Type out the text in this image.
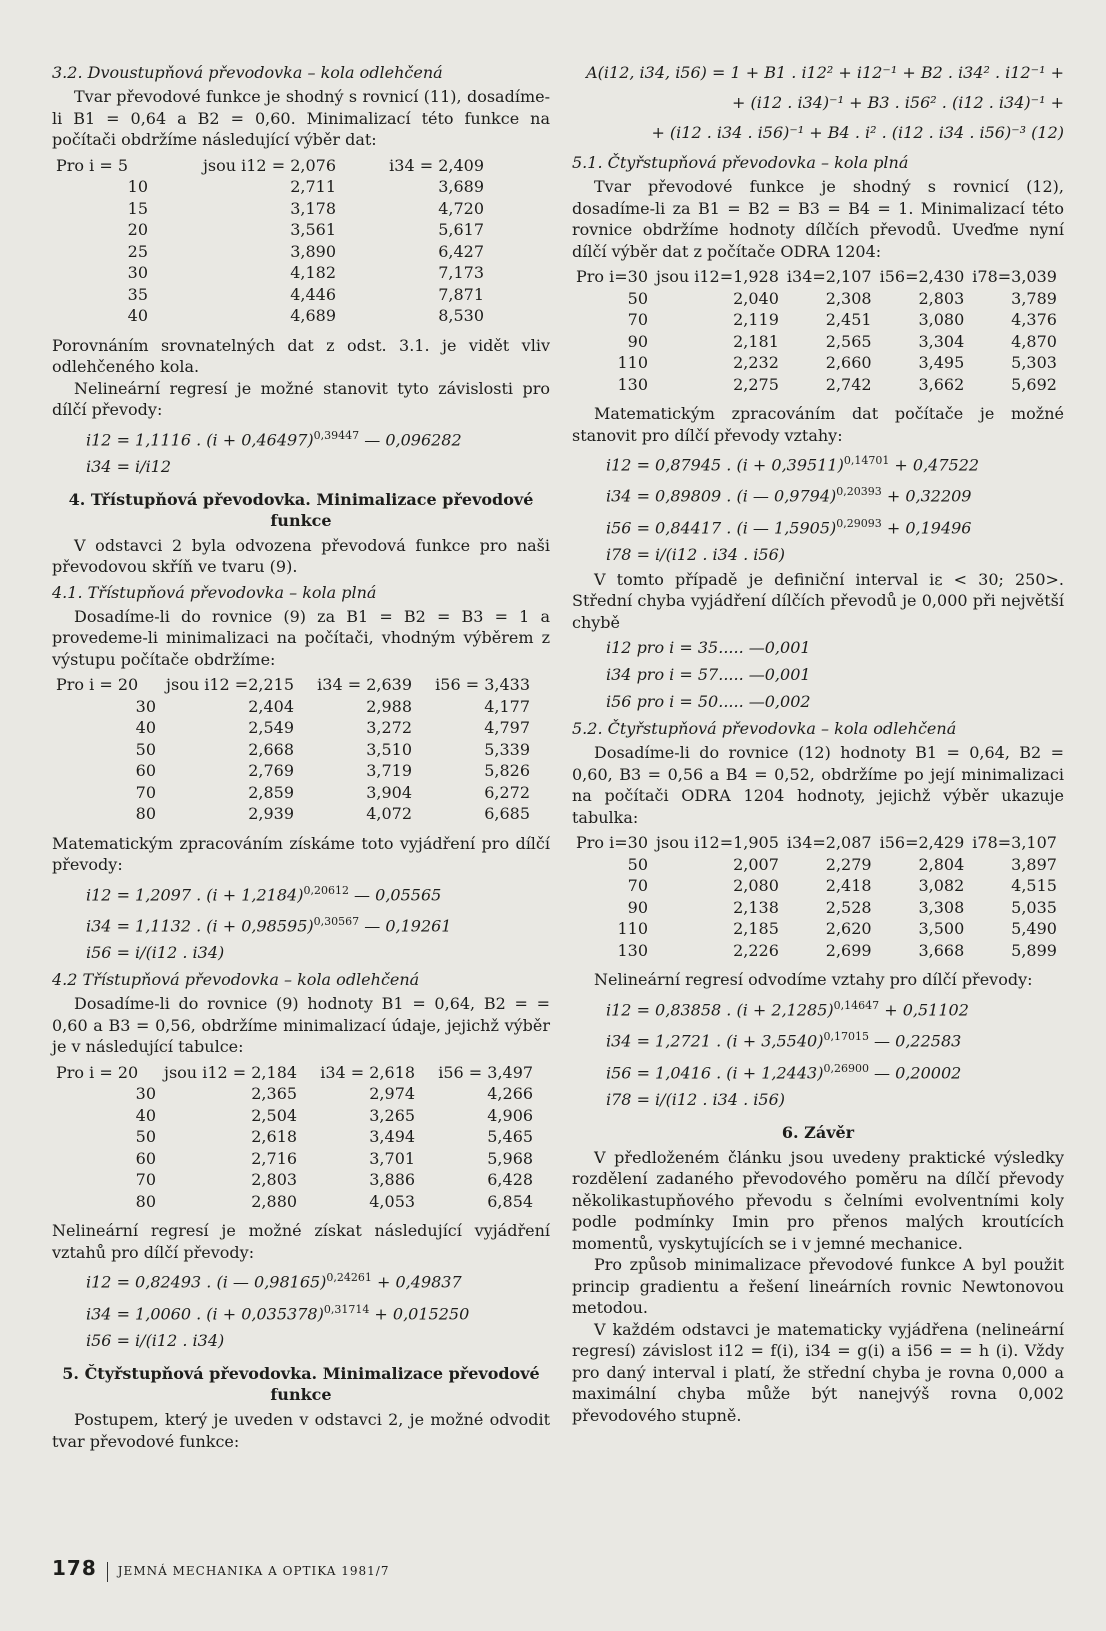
3.2. Dvoustupňová převodovka – kola odlehčená

Tvar převodové funkce je shodný s rovnicí (11), dosadíme-li B1 = 0,64 a B2 = 0,60. Minimalizací této funkce na počítači obdržíme následující výběr dat:

Pro i = 5	jsou i12 = 2,076	i34 = 2,409
10	2,711	3,689
15	3,178	4,720
20	3,561	5,617
25	3,890	6,427
30	4,182	7,173
35	4,446	7,871
40	4,689	8,530

Porovnáním srovnatelných dat z odst. 3.1. je vidět vliv odlehčeného kola.

Nelineární regresí je možné stanovit tyto závislosti pro dílčí převody:

i12 = 1,1116 . $(i + 0,46497)^{0,39447}$ — 0,096282
i34 = i/i12
4. Třístupňová převodovka. Minimalizace převodové funkce

V odstavci 2 byla odvozena převodová funkce pro naši převodovou skříň ve tvaru (9).

4.1. Třístupňová převodovka – kola plná

Dosadíme-li do rovnice (9) za B1 = B2 = B3 = 1 a provedeme-li minimalizaci na počítači, vhodným výběrem z výstupu počítače obdržíme:

Pro i = 20	jsou i12 =2,215	i34 = 2,639	i56 = 3,433
30	2,404	2,988	4,177
40	2,549	3,272	4,797
50	2,668	3,510	5,339
60	2,769	3,719	5,826
70	2,859	3,904	6,272
80	2,939	4,072	6,685

Matematickým zpracováním získáme toto vyjádření pro dílčí převody:

i12 = 1,2097 . $(i + 1,2184)^{0,20612}$ — 0,05565
i34 = 1,1132 . $(i + 0,98595)^{0,30567}$ — 0,19261
i56 = i/(i12 . i34)
4.2 Třístupňová převodovka – kola odlehčená

Dosadíme-li do rovnice (9) hodnoty B1 = 0,64, B2 = = 0,60 a B3 = 0,56, obdržíme minimalizací údaje, jejichž výběr je v následující tabulce:

Pro i = 20	jsou i12 = 2,184	i34 = 2,618	i56 = 3,497
30	2,365	2,974	4,266
40	2,504	3,265	4,906
50	2,618	3,494	5,465
60	2,716	3,701	5,968
70	2,803	3,886	6,428
80	2,880	4,053	6,854

Nelineární regresí je možné získat následující vyjádření vztahů pro dílčí převody:

i12 = 0,82493 . (i — 0,98165)$^{0,24261}$ + 0,49837
i34 = 1,0060 . $(i + 0,035378)^{0,31714} + 0,015250$
i56 = i/(i12 . i34)
5. Čtyřstupňová převodovka. Minimalizace převodové funkce

Postupem, který je uveden v odstavci 2, je možné odvodit tvar převodové funkce:

A(i12, i34, i56) = 1 + B1 . i12² + i12⁻¹ + B2 . i34² . i12⁻¹ +
+ (i12 . i34)⁻¹ + B3 . i56² . (i12 . i34)⁻¹ +
+ (i12 . i34 . i56)⁻¹ + B4 . i² . (i12 . i34 . i56)⁻³ (12)
5.1. Čtyřstupňová převodovka – kola plná

Tvar převodové funkce je shodný s rovnicí (12), dosadíme-li za B1 = B2 = B3 = B4 = 1. Minimalizací této rovnice obdržíme hodnoty dílčích převodů. Uveďme nyní dílčí výběr dat z počítače ODRA 1204:

Pro i=30	jsou i12=1,928	i34=2,107	i56=2,430	i78=3,039
50	2,040	2,308	2,803	3,789
70	2,119	2,451	3,080	4,376
90	2,181	2,565	3,304	4,870
110	2,232	2,660	3,495	5,303
130	2,275	2,742	3,662	5,692

Matematickým zpracováním dat počítače je možné stanovit pro dílčí převody vztahy:

i12 = 0,87945 . $(i + 0,39511)^{0,14701} + 0,47522$
i34 = 0,89809 . (i — 0,9794)$^{0,20393}$ + 0,32209
i56 = 0,84417 . (i — 1,5905)$^{0,29093}$ + 0,19496
i78 = i/(i12 . i34 . i56)

V tomto případě je definiční interval iε < 30; 250>. Střední chyba vyjádření dílčích převodů je 0,000 při největší chybě

i12 pro i = 35..... —0,001
i34 pro i = 57..... —0,001
i56 pro i = 50..... —0,002
5.2. Čtyřstupňová převodovka – kola odlehčená

Dosadíme-li do rovnice (12) hodnoty B1 = 0,64, B2 = 0,60, B3 = 0,56 a B4 = 0,52, obdržíme po její minimalizaci na počítači ODRA 1204 hodnoty, jejichž výběr ukazuje tabulka:

Pro i=30	jsou i12=1,905	i34=2,087	i56=2,429	i78=3,107
50	2,007	2,279	2,804	3,897
70	2,080	2,418	3,082	4,515
90	2,138	2,528	3,308	5,035
110	2,185	2,620	3,500	5,490
130	2,226	2,699	3,668	5,899

Nelineární regresí odvodíme vztahy pro dílčí převody:

i12 = 0,83858 . $(i + 2,1285)^{0,14647} + 0,51102$
i34 = 1,2721 . $(i + 3,5540)^{0,17015}$ — 0,22583
i56 = 1,0416 . $(i + 1,2443)^{0,26900}$ — 0,20002
i78 = i/(i12 . i34 . i56)
6. Závěr

V předloženém článku jsou uvedeny praktické výsledky rozdělení zadaného převodového poměru na dílčí převody několikastupňového převodu s čelními evolventními koly podle podmínky Imin pro přenos malých kroutících momentů, vyskytujících se i v jemné mechanice.

Pro způsob minimalizace převodové funkce A byl použit princip gradientu a řešení lineárních rovnic Newtonovou metodou.

V každém odstavci je matematicky vyjádřena (nelineární regresí) závislost i12 = f(i), i34 = g(i) a i56 = = h (i). Vždy pro daný interval i platí, že střední chyba je rovna 0,000 a maximální chyba může být nanejvýš rovna 0,002 převodového stupně.

178 JEMNÁ MECHANIKA A OPTIKA 1981/7
